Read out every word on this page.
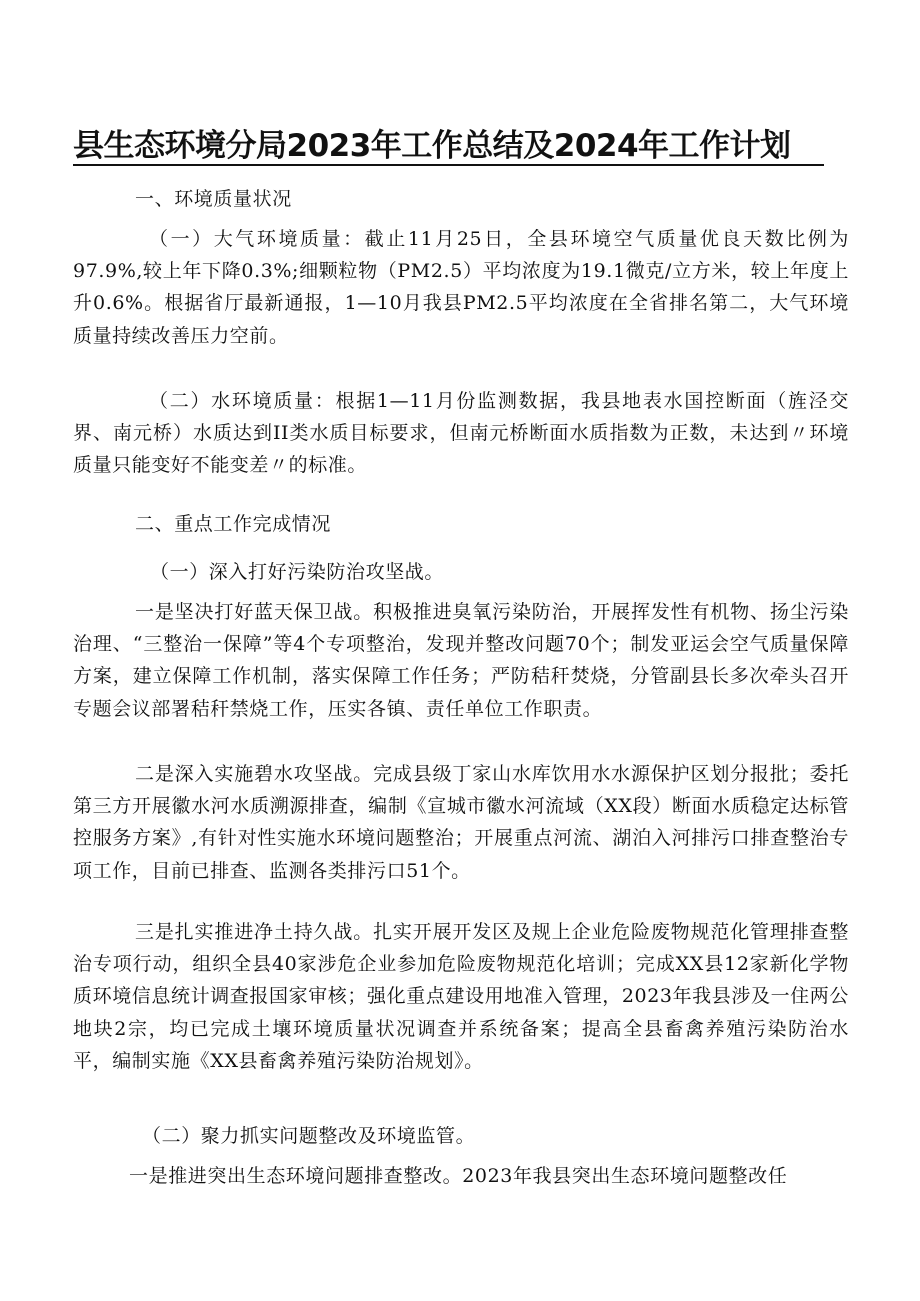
县生态环境分局2023年工作总结及2024年工作计划

一、环境质量状况

（一）大气环境质量：截止11月25日，全县环境空气质量优良天数比例为97.9%,较上年下降0.3%;细颗粒物（PM2.5）平均浓度为19.1微克/立方米，较上年度上升0.6%。根据省厅最新通报，1—10月我县PM2.5平均浓度在全省排名第二，大气环境质量持续改善压力空前。

（二）水环境质量：根据1—11月份监测数据，我县地表水国控断面（旌泾交界、南元桥）水质达到II类水质目标要求，但南元桥断面水质指数为正数，未达到〃环境质量只能变好不能变差〃的标准。

二、重点工作完成情况

（一）深入打好污染防治攻坚战。

一是坚决打好蓝天保卫战。积极推进臭氧污染防治，开展挥发性有机物、扬尘污染治理、“三整治一保障”等4个专项整治，发现并整改问题70个；制发亚运会空气质量保障方案，建立保障工作机制，落实保障工作任务；严防秸秆焚烧，分管副县长多次牵头召开专题会议部署秸秆禁烧工作，压实各镇、责任单位工作职责。

二是深入实施碧水攻坚战。完成县级丁家山水库饮用水水源保护区划分报批；委托第三方开展徽水河水质溯源排查，编制《宣城市徽水河流域（XX段）断面水质稳定达标管控服务方案》,有针对性实施水环境问题整治；开展重点河流、湖泊入河排污口排查整治专项工作，目前已排查、监测各类排污口51个。

三是扎实推进净土持久战。扎实开展开发区及规上企业危险废物规范化管理排查整治专项行动，组织全县40家涉危企业参加危险废物规范化培训；完成XX县12家新化学物质环境信息统计调查报国家审核；强化重点建设用地准入管理，2023年我县涉及一住两公地块2宗，均已完成土壤环境质量状况调查并系统备案；提高全县畜禽养殖污染防治水平，编制实施《XX县畜禽养殖污染防治规划》。

（二）聚力抓实问题整改及环境监管。

一是推进突出生态环境问题排查整改。2023年我县突出生态环境问题整改任
